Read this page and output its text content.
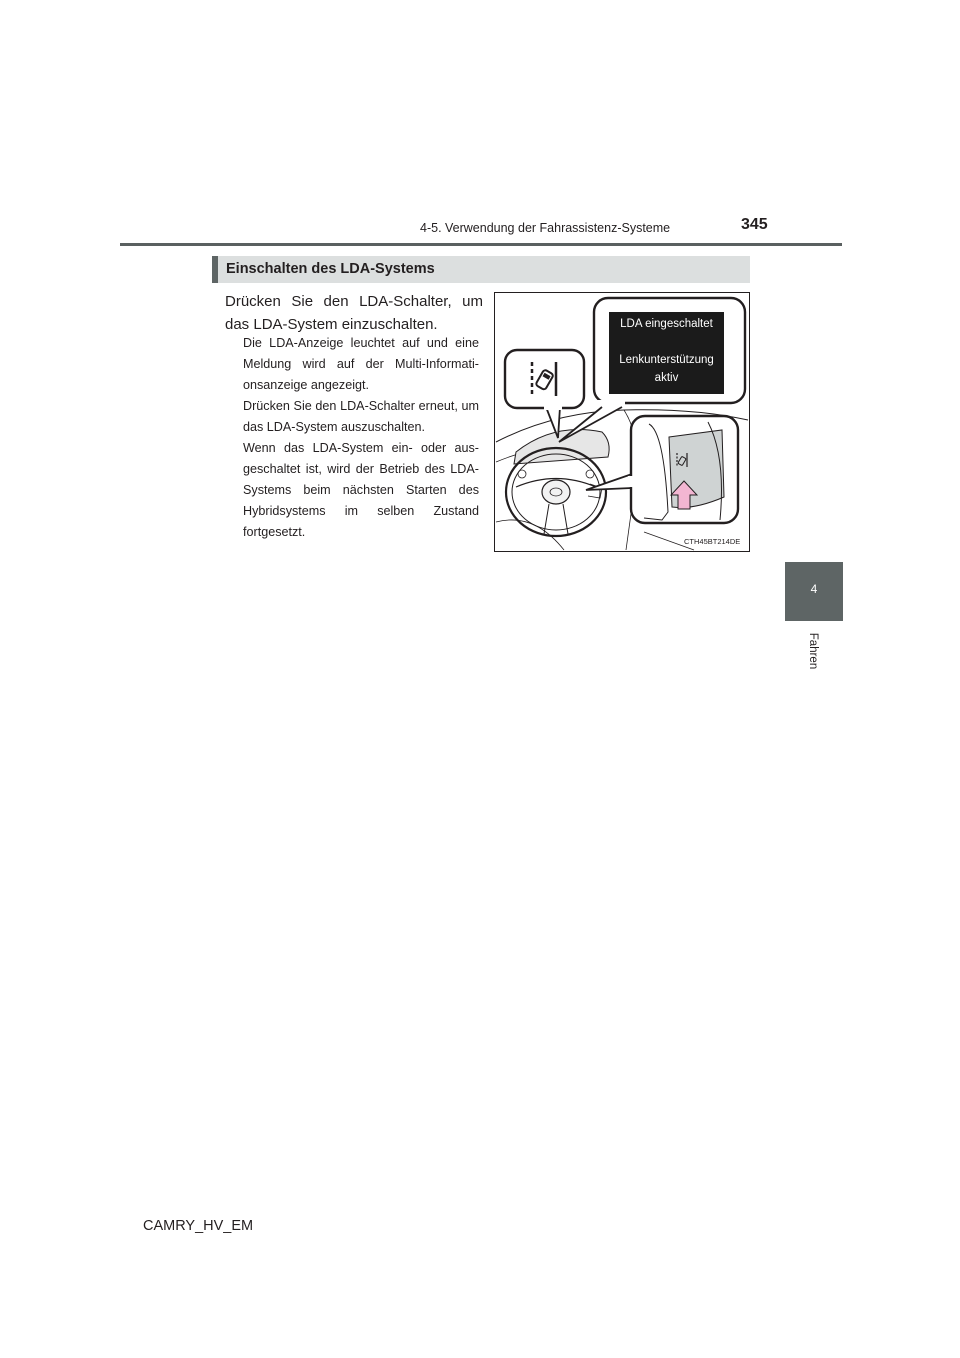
4-5. Verwendung der Fahrassistenz-Systeme	345
4
Fahren
Einschalten des LDA-Systems
Drücken Sie den LDA-Schalter, um das LDA-System einzuschalten.
Die LDA-Anzeige leuchtet auf und eine Meldung wird auf der Multi-Informati-onsanzeige angezeigt.
Drücken Sie den LDA-Schalter erneut, um das LDA-System auszuschalten.
Wenn das LDA-System ein- oder aus-geschaltet ist, wird der Betrieb des LDA-Systems beim nächsten Starten des Hybridsystems im selben Zustand fortgesetzt.
LDA eingeschaltet
Lenkunterstützung
aktiv
CTH45BT214DE
CAMRY_HV_EM
